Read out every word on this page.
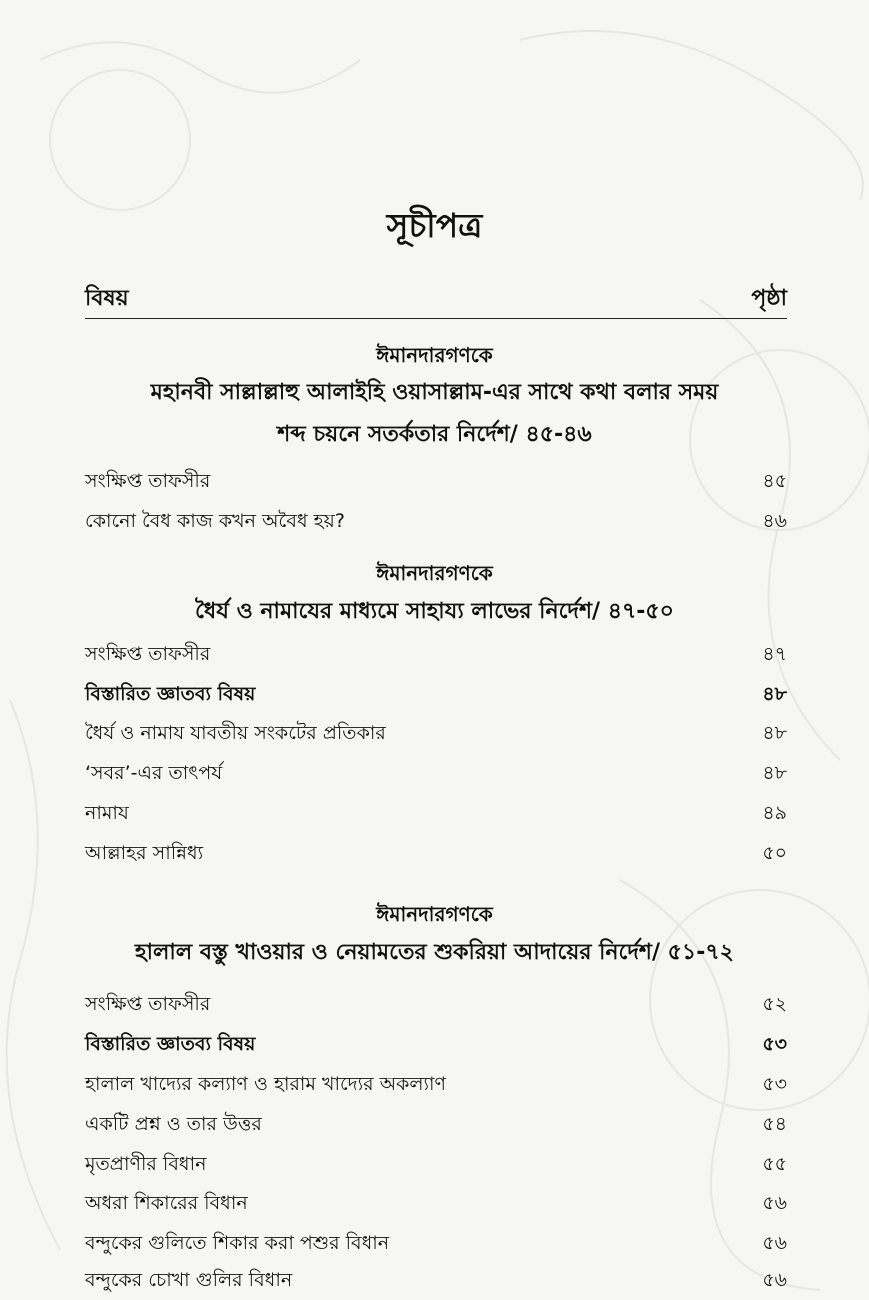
সূচীপত্র
বিষয়	পৃষ্ঠা
ঈমানদারগণকে
মহানবী সাল্লাল্লাহু আলাইহি ওয়াসাল্লাম-এর সাথে কথা বলার সময়
শব্দ চয়নে সতর্কতার নির্দেশ/ ৪৫-৪৬
সংক্ষিপ্ত তাফসীর	৪৫
কোনো বৈধ কাজ কখন অবৈধ হয়?	৪৬
ঈমানদারগণকে
ধৈর্য ও নামাযের মাধ্যমে সাহায্য লাভের নির্দেশ/ ৪৭-৫০
সংক্ষিপ্ত তাফসীর	৪৭
বিস্তারিত জ্ঞাতব্য বিষয়	৪৮
ধৈর্য ও নামায যাবতীয় সংকটের প্রতিকার	৪৮
‘সবর’-এর তাৎপর্য	৪৮
নামায	৪৯
আল্লাহর সান্নিধ্য	৫০
ঈমানদারগণকে
হালাল বস্তু খাওয়ার ও নেয়ামতের শুকরিয়া আদায়ের নির্দেশ/ ৫১-৭২
সংক্ষিপ্ত তাফসীর	৫২
বিস্তারিত জ্ঞাতব্য বিষয়	৫৩
হালাল খাদ্যের কল্যাণ ও হারাম খাদ্যের অকল্যাণ	৫৩
একটি প্রশ্ন ও তার উত্তর	৫৪
মৃতপ্রাণীর বিধান	৫৫
অধরা শিকারের বিধান	৫৬
বন্দুকের গুলিতে শিকার করা পশুর বিধান	৫৬
বন্দুকের চোখা গুলির বিধান	৫৬
